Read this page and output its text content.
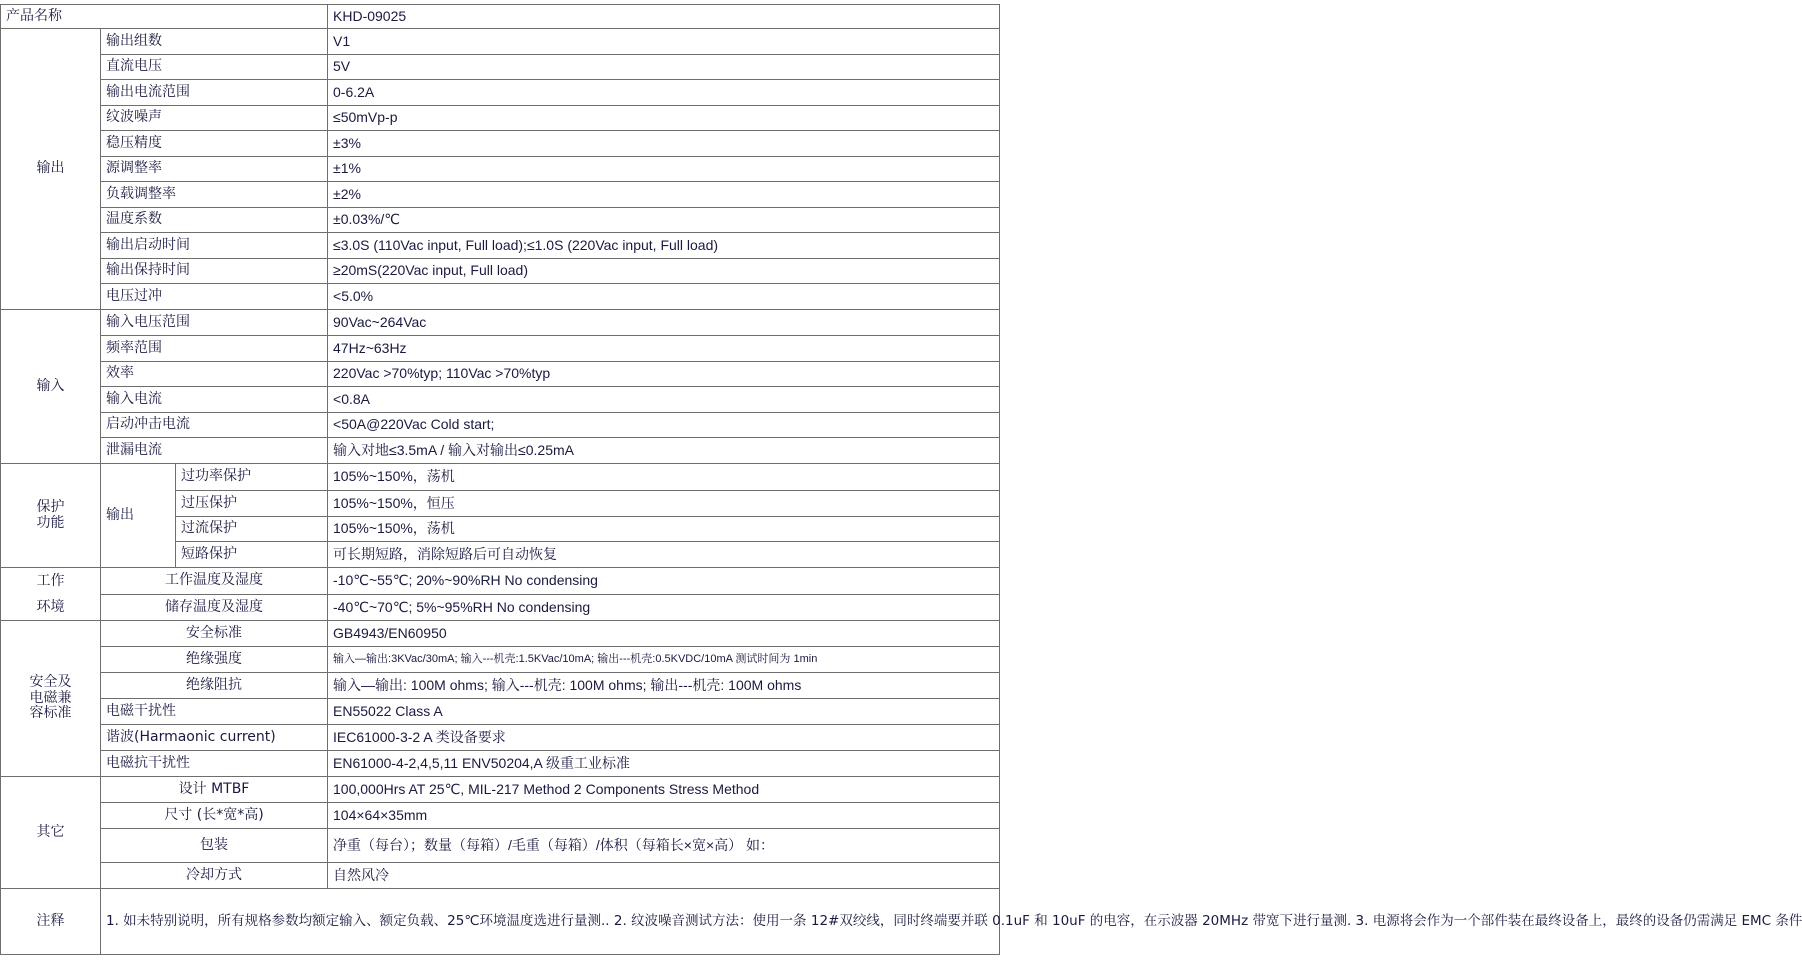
产品名称			KHD-09025
输出	输出组数		V1
	直流电压		5V
	输出电流范围		0-6.2A
	纹波噪声		≤50mVp-p
	稳压精度		±3%
	源调整率		±1%
	负载调整率		±2%
	温度系数		±0.03%/℃
	输出启动时间		≤3.0S (110Vac input, Full load);≤1.0S (220Vac input, Full load)
	输出保持时间		≥20mS(220Vac input, Full load)
	电压过冲		<5.0%
输入	输入电压范围		90Vac~264Vac
	频率范围		47Hz~63Hz
	效率		220Vac >70%typ; 110Vac >70%typ
	输入电流		<0.8A
	启动冲击电流		<50A@220Vac Cold start;
	泄漏电流		输入对地≤3.5mA / 输入对输出≤0.25mA
保护
功能	输出	过功率保护	105%~150%，荡机
		过压保护	105%~150%，恒压
		过流保护	105%~150%，荡机
		短路保护	可长期短路，消除短路后可自动恢复
工作
环境	工作温度及湿度		-10℃~55℃; 20%~90%RH No condensing
	储存温度及湿度		-40℃~70℃; 5%~95%RH No condensing
安全及
电磁兼
容标准	安全标准		GB4943/EN60950
	绝缘强度		输入—输出:3KVac/30mA; 输入---机壳:1.5KVac/10mA; 输出---机壳:0.5KVDC/10mA 测试时间为 1min
	绝缘阻抗		输入—输出: 100M ohms; 输入---机壳: 100M ohms; 输出---机壳: 100M ohms
	电磁干扰性		EN55022 Class A
	谐波(Harmaonic current)		IEC61000-3-2 A 类设备要求
	电磁抗干扰性		EN61000-4-2,4,5,11 ENV50204,A 级重工业标准
其它	设计 MTBF		100,000Hrs AT 25℃, MIL-217 Method 2 Components Stress Method
	尺寸 (长*宽*高)		104×64×35mm
	包装		净重（每台）；数量（每箱）/毛重（每箱）/体积（每箱长×宽×高） 如：
	冷却方式		自然风冷
注释	1. 如未特别说明，所有规格参数均额定输入、额定负载、25℃环境温度选进行量测.. 2. 纹波噪音测试方法：使用一条 12#双绞线，同时终端要并联 0.1uF 和 10uF 的电容，在示波器 20MHz 带宽下进行量测. 3. 电源将会作为一个部件装在最终设备上，最终的设备仍需满足 EMC 条件		
